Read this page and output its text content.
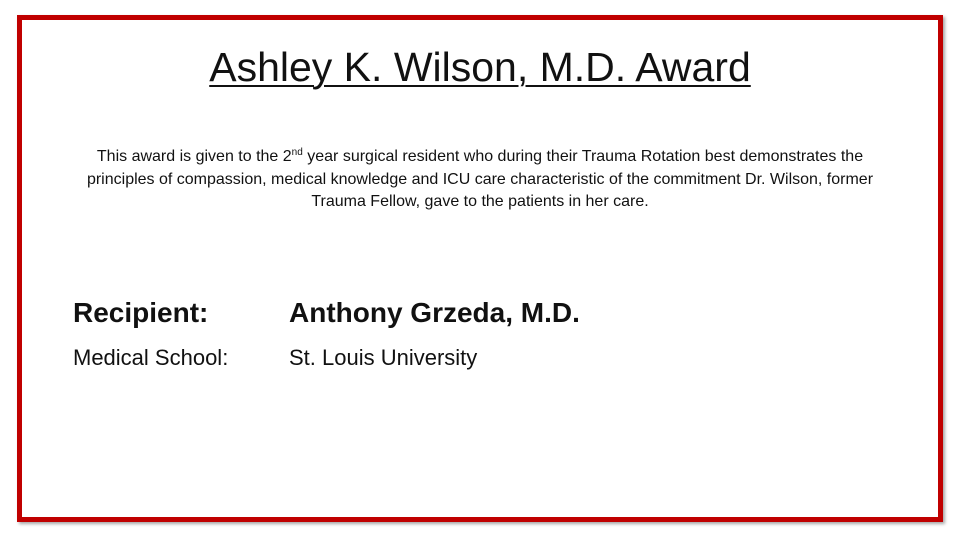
Ashley K. Wilson, M.D. Award
This award is given to the 2nd year surgical resident who during their Trauma Rotation best demonstrates the principles of compassion, medical knowledge and ICU care characteristic of the commitment Dr. Wilson, former Trauma Fellow, gave to the patients in her care.
Recipient:	Anthony Grzeda, M.D.
Medical School:	St. Louis University
